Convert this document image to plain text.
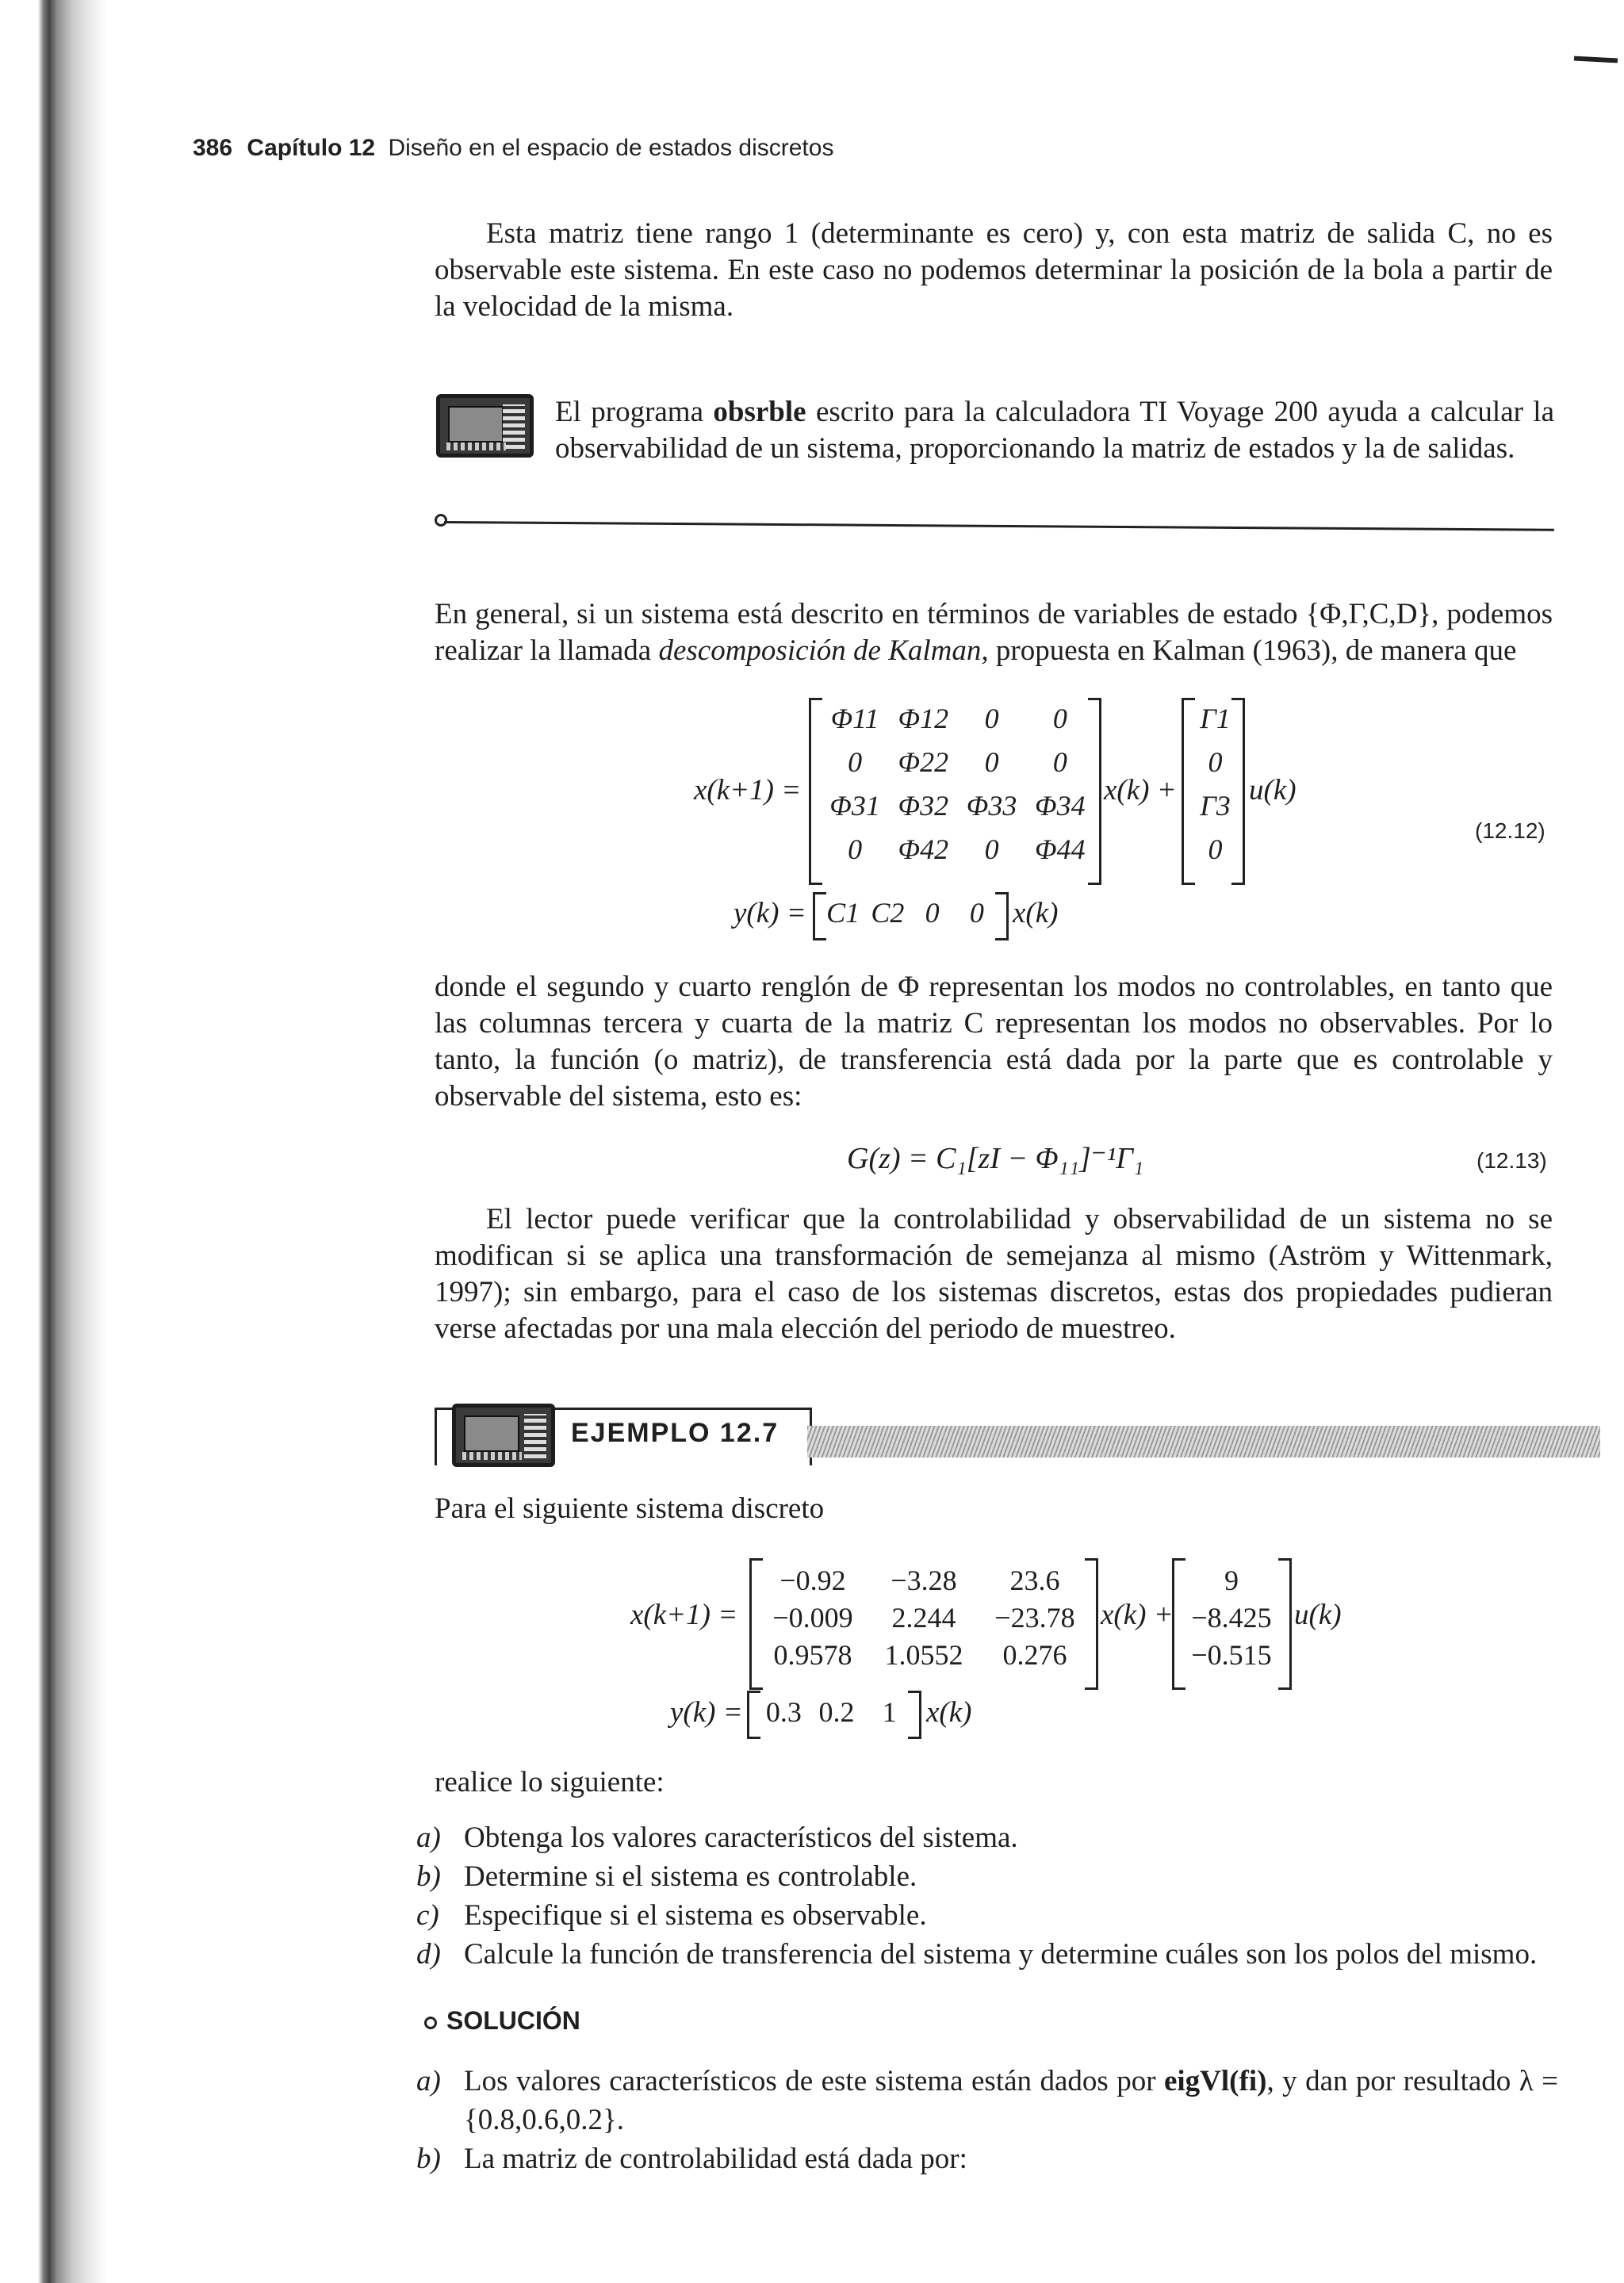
386 Capítulo 12 Diseño en el espacio de estados discretos
Esta matriz tiene rango 1 (determinante es cero) y, con esta matriz de salida C, no es observable este sistema. En este caso no podemos determinar la posición de la bola a partir de la velocidad de la misma.
El programa obsrble escrito para la calculadora TI Voyage 200 ayuda a calcular la observabilidad de un sistema, proporcionando la matriz de estados y la de salidas.
En general, si un sistema está descrito en términos de variables de estado {Φ,Γ,C,D}, podemos realizar la llamada descomposición de Kalman, propuesta en Kalman (1963), de manera que
x(k+1) =
Φ11 Φ12	0	0
0	Φ22	0	0
Φ31 Φ32 Φ33 Φ34
0	Φ42	0	Φ44
x(k) +
Γ1
0
Γ3
0
u(k)
(12.12)
y(k) = C1 C2 0	0 x(k)
donde el segundo y cuarto renglón de Φ representan los modos no controlables, en tanto que las columnas tercera y cuarta de la matriz C representan los modos no observables. Por lo tanto, la función (o matriz), de transferencia está dada por la parte que es controlable y observable del sistema, esto es:
G(z) = C₁[zI − Φ₁₁]⁻¹Γ₁	(12.13)
El lector puede verificar que la controlabilidad y observabilidad de un sistema no se modifican si se aplica una transformación de semejanza al mismo (Aström y Wittenmark, 1997); sin embargo, para el caso de los sistemas discretos, estas dos propiedades pudieran verse afectadas por una mala elección del periodo de muestreo.
EJEMPLO 12.7
Para el siguiente sistema discreto
x(k+1) =
−0.92	−3.28	23.6
−0.009	2.244	−23.78
0.9578	1.0552	0.276
x(k) +
9
−8.425
−0.515
u(k)
y(k) = 0.3 0.2 1	x(k)
realice lo siguiente:
a) Obtenga los valores característicos del sistema.
b) Determine si el sistema es controlable.
c) Especifique si el sistema es observable.
d) Calcule la función de transferencia del sistema y determine cuáles son los polos del mismo.
SOLUCIÓN
a) Los valores característicos de este sistema están dados por eigVl(fi), y dan por resultado λ = {0.8,0.6,0.2}.
b) La matriz de controlabilidad está dada por:
